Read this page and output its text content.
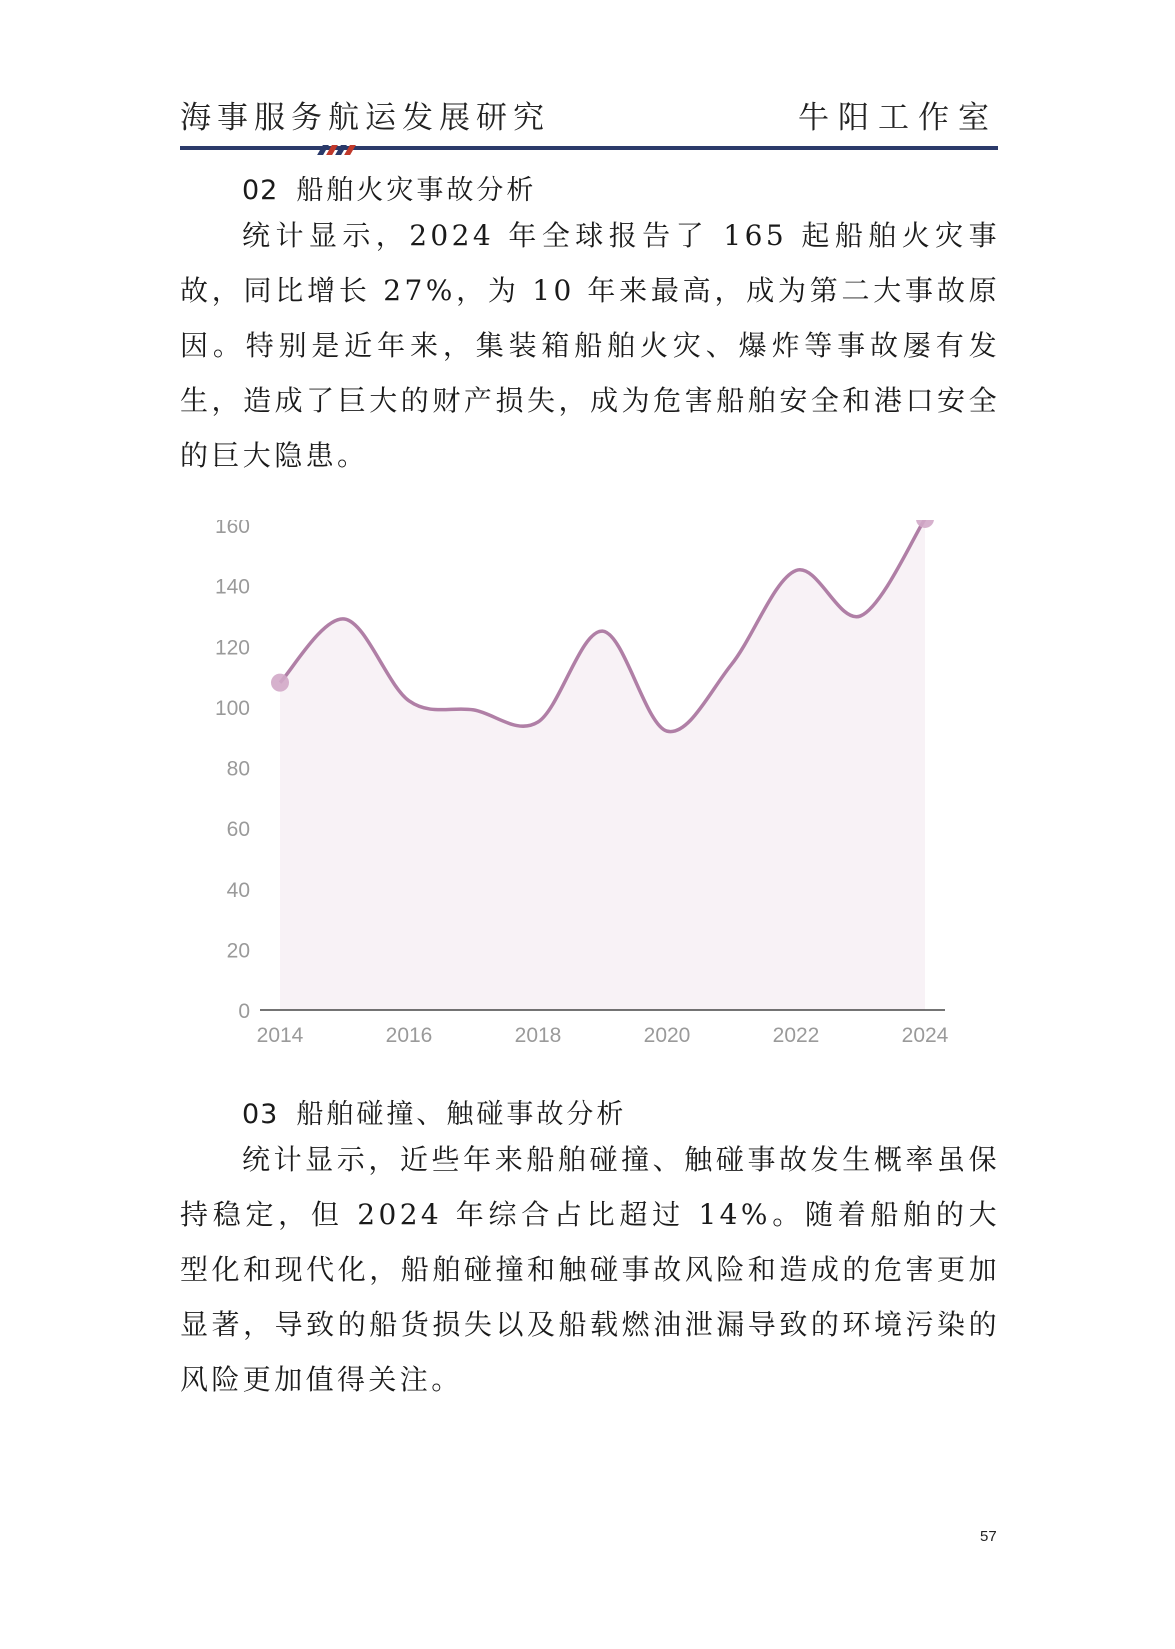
海事服务航运发展研究	牛阳工作室
02 船舶火灾事故分析
统计显示，2024 年全球报告了 165 起船舶火灾事故，同比增长 27%，为 10 年来最高，成为第二大事故原因。特别是近年来，集装箱船舶火灾、爆炸等事故屡有发生，造成了巨大的财产损失，成为危害船舶安全和港口安全的巨大隐患。
0
20
40
60
80
100
120
140
160
2014	2016	2018	2020	2022	2024
03 船舶碰撞、触碰事故分析
统计显示，近些年来船舶碰撞、触碰事故发生概率虽保持稳定，但 2024 年综合占比超过 14%。随着船舶的大型化和现代化，船舶碰撞和触碰事故风险和造成的危害更加显著，导致的船货损失以及船载燃油泄漏导致的环境污染的风险更加值得关注。
57
